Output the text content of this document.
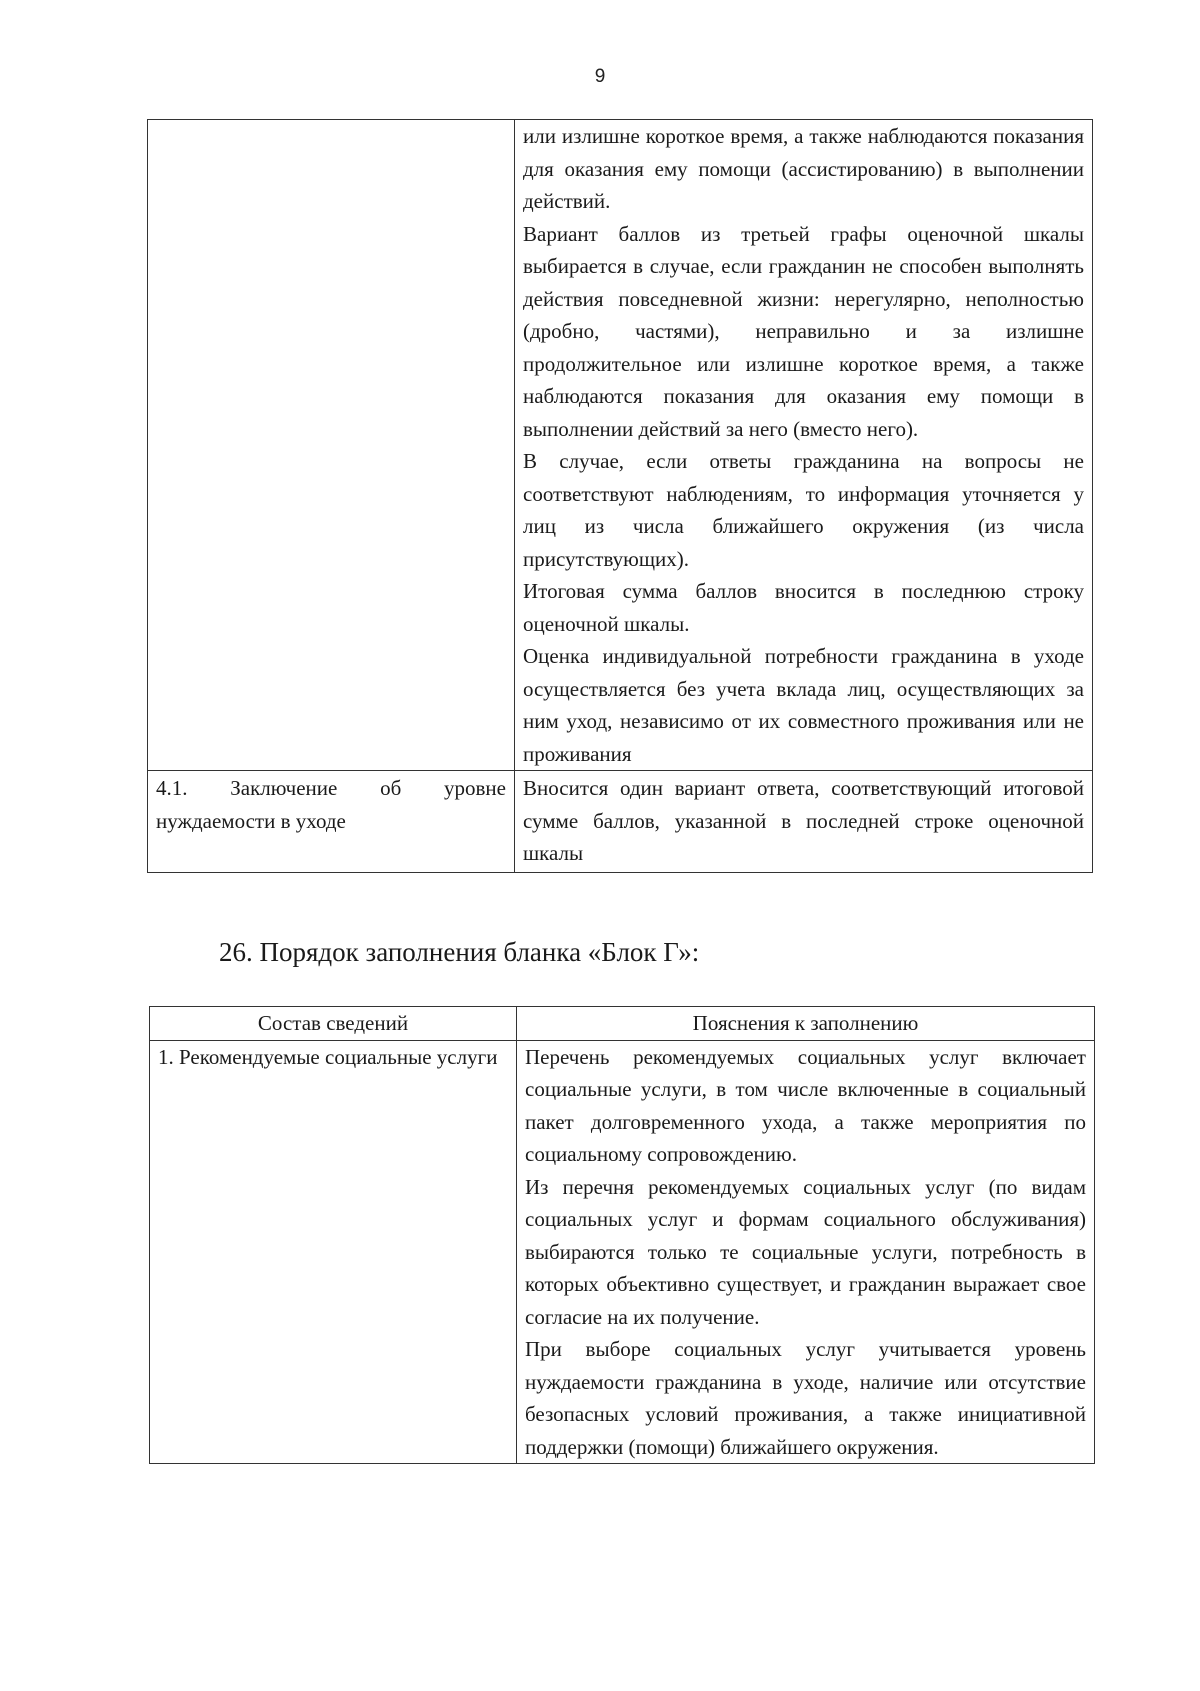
9

	или излишне короткое время, а также наблюдаются показания для оказания ему помощи (ассистированию) в выполнении действий.

Вариант баллов из третьей графы оценочной шкалы выбирается в случае, если гражданин не способен выполнять действия повседневной жизни: нерегулярно, неполностью (дробно, частями), неправильно и за излишне продолжительное или излишне короткое время, а также наблюдаются показания для оказания ему помощи в выполнении действий за него (вместо него).

В случае, если ответы гражданина на вопросы не соответствуют наблюдениям, то информация уточняется у лиц из числа ближайшего окружения (из числа присутствующих).

Итоговая сумма баллов вносится в последнюю строку оценочной шкалы.

Оценка индивидуальной потребности гражданина в уходе осуществляется без учета вклада лиц, осуществляющих за ним уход, независимо от их совместного проживания или не проживания

4.1. Заключение об уровне нуждаемости в уходе	Вносится один вариант ответа, соответствующий итоговой сумме баллов, указанной в последней строке оценочной шкалы

26. Порядок заполнения бланка «Блок Г»:
Состав сведений	Пояснения к заполнению

1. Рекомендуемые социальные услуги	Перечень рекомендуемых социальных услуг включает социальные услуги, в том числе включенные в социальный пакет долговременного ухода, а также мероприятия по социальному сопровождению.

Из перечня рекомендуемых социальных услуг (по видам социальных услуг и формам социального обслуживания) выбираются только те социальные услуги, потребность в которых объективно существует, и гражданин выражает свое согласие на их получение.

При выборе социальных услуг учитывается уровень нуждаемости гражданина в уходе, наличие или отсутствие безопасных условий проживания, а также инициативной поддержки (помощи) ближайшего окружения.
